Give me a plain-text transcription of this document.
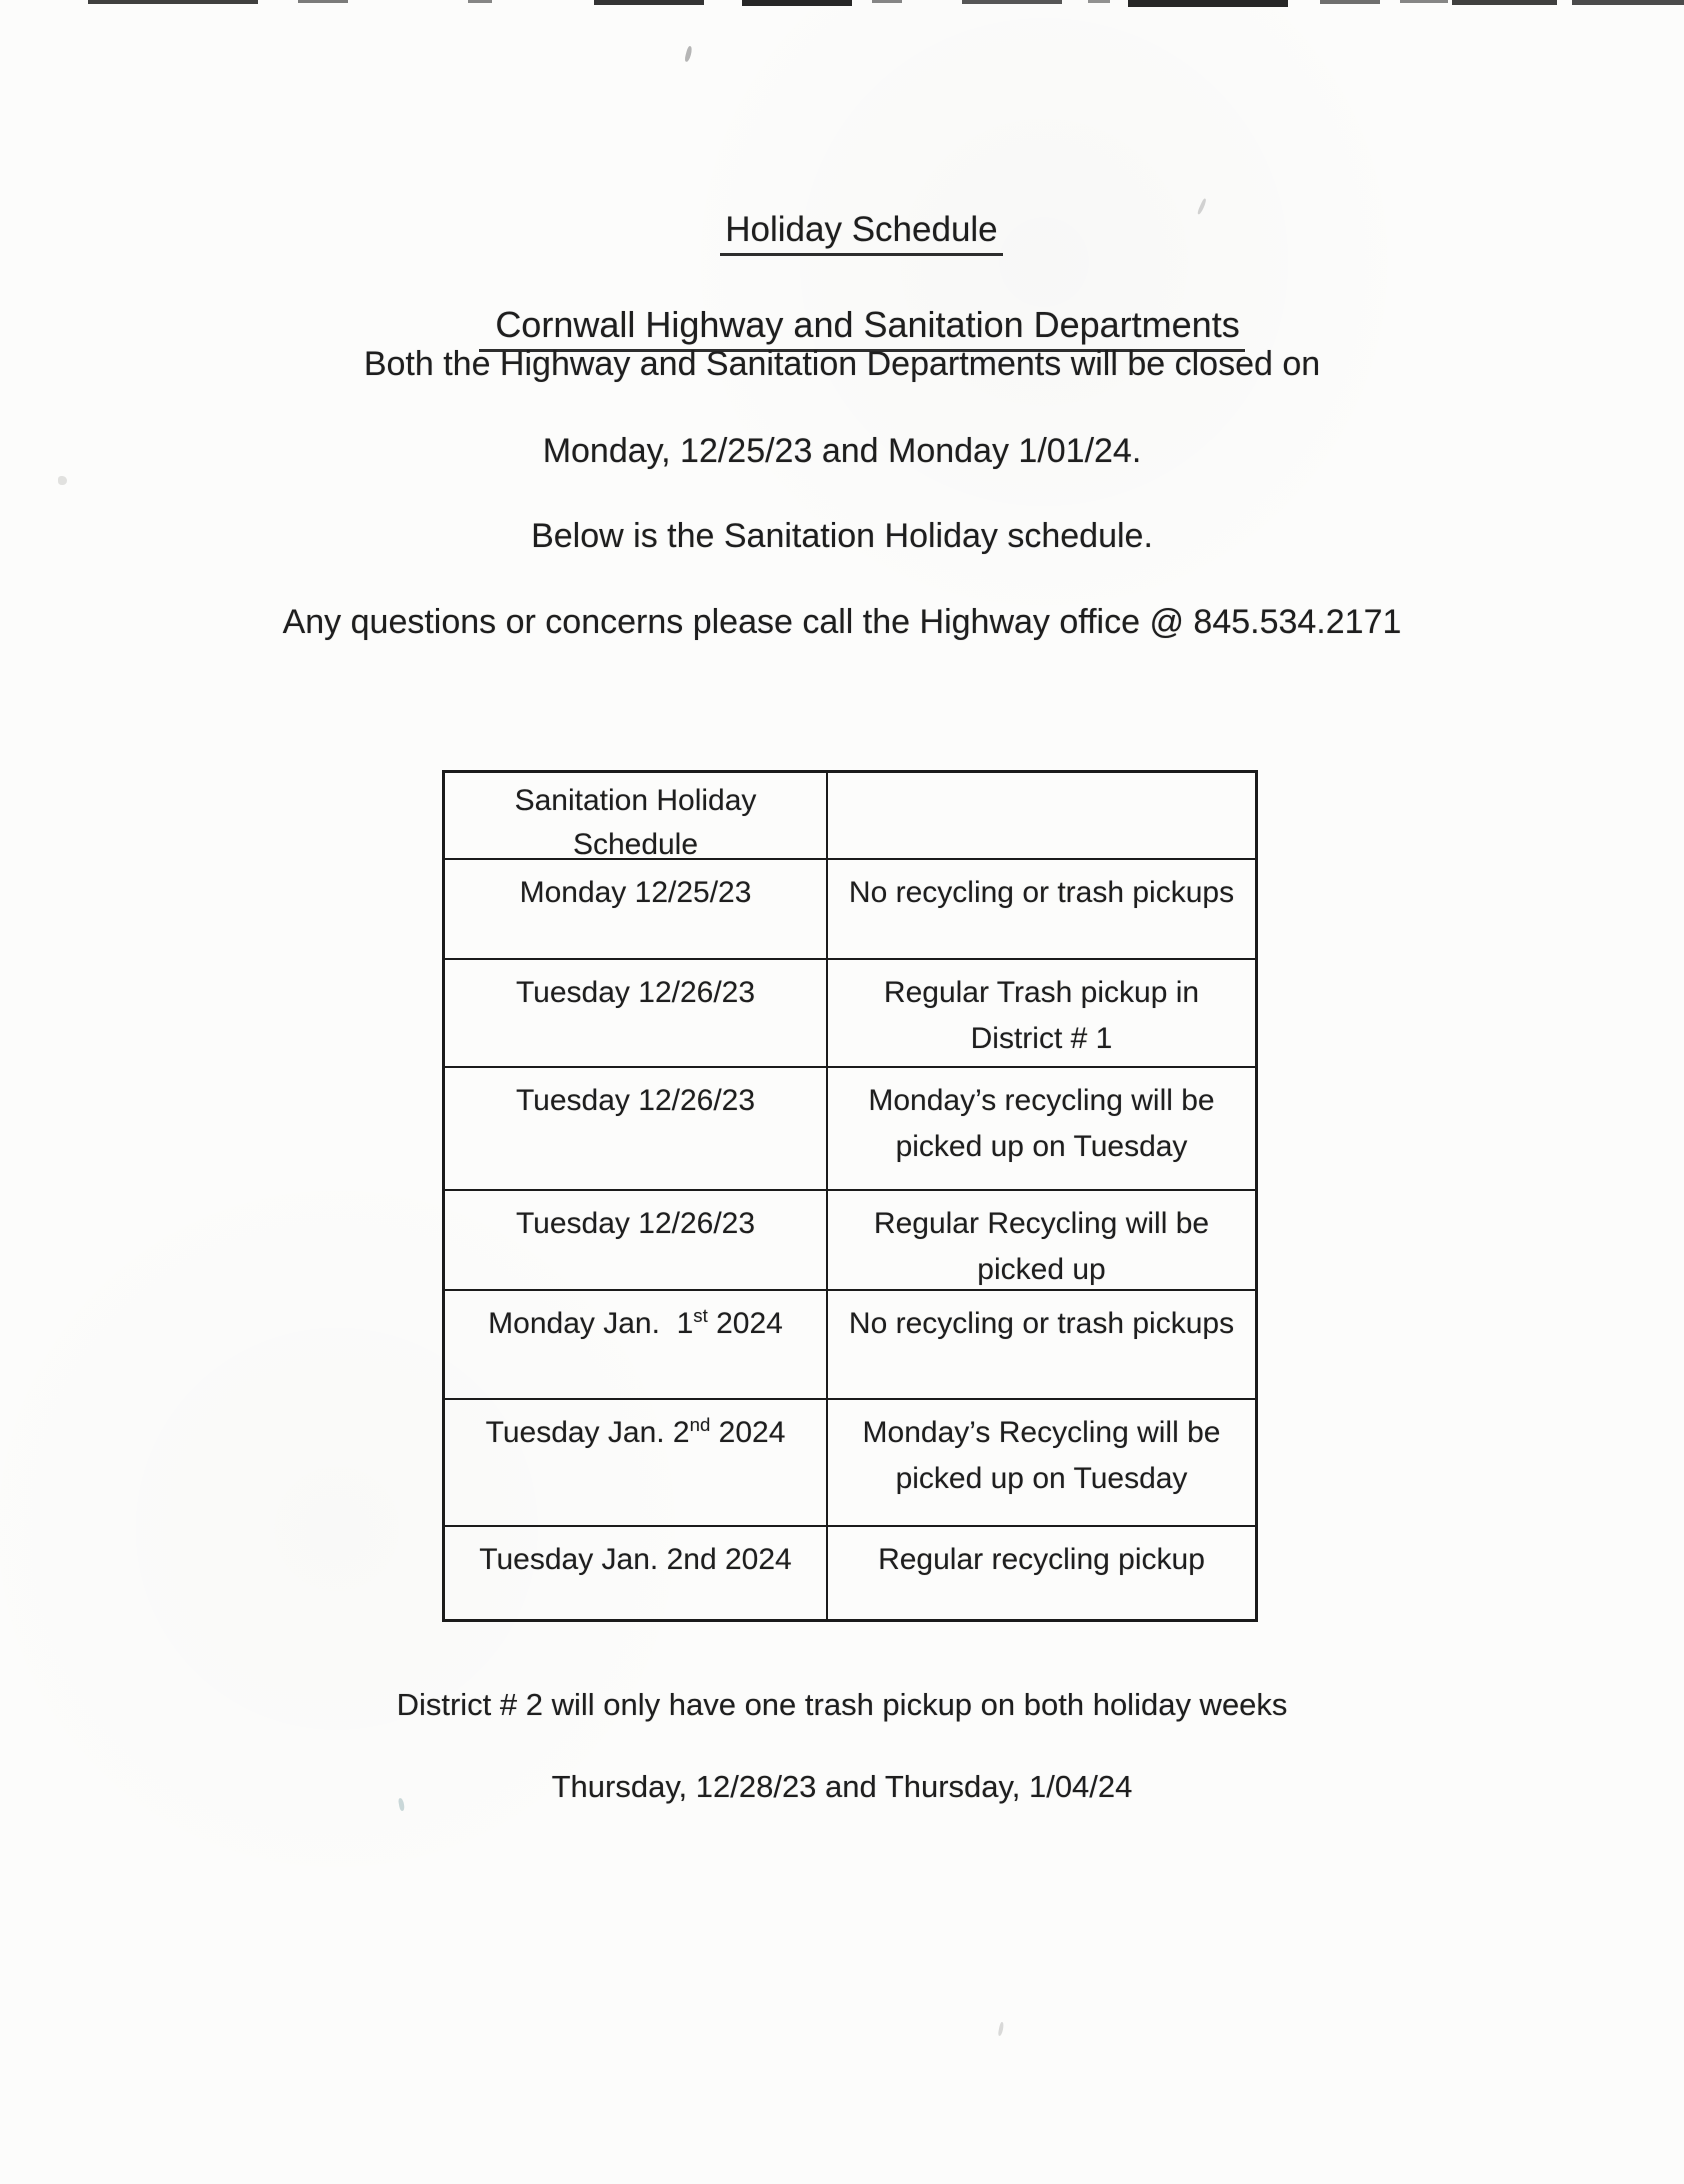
Holiday Schedule

Cornwall Highway and Sanitation Departments

Both the Highway and Sanitation Departments will be closed on
Monday, 12/25/23 and Monday 1/01/24.
Below is the Sanitation Holiday schedule.
Any questions or concerns please call the Highway office @ 845.534.2171
Sanitation Holiday Schedule
Monday 12/25/23	No recycling or trash pickups
Tuesday 12/26/23	Regular Trash pickup in District # 1
Tuesday 12/26/23	Monday’s recycling will be picked up on Tuesday
Tuesday 12/26/23	Regular Recycling will be picked up
Monday Jan.  1st 2024	No recycling or trash pickups
Tuesday Jan. 2nd 2024	Monday’s Recycling will be picked up on Tuesday
Tuesday Jan. 2nd 2024	Regular recycling pickup
District # 2 will only have one trash pickup on both holiday weeks
Thursday, 12/28/23 and Thursday, 1/04/24
